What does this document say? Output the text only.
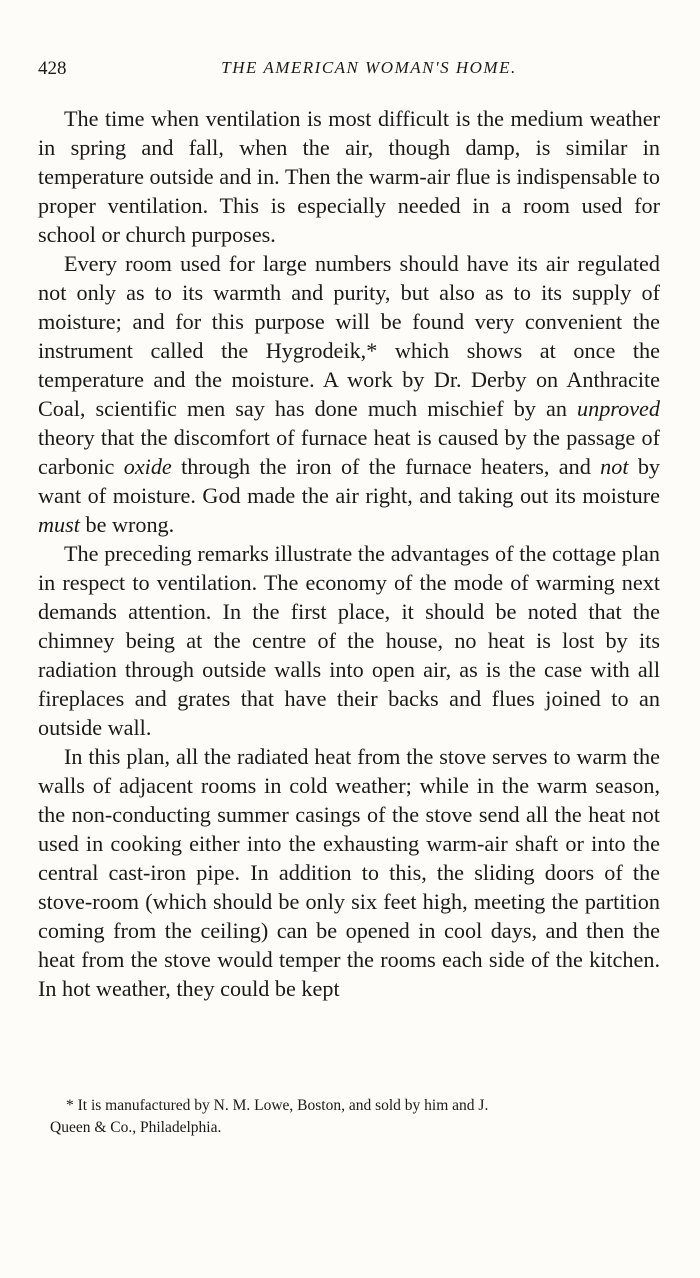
428	THE AMERICAN WOMAN'S HOME.

The time when ventilation is most difficult is the medium weather in spring and fall, when the air, though damp, is similar in temperature outside and in. Then the warm-air flue is indispensable to proper ventilation. This is especially needed in a room used for school or church purposes.

Every room used for large numbers should have its air regulated not only as to its warmth and purity, but also as to its supply of moisture; and for this purpose will be found very convenient the instrument called the Hygrodeik,* which shows at once the temperature and the moisture. A work by Dr. Derby on Anthracite Coal, scientific men say has done much mischief by an unproved theory that the discomfort of furnace heat is caused by the passage of carbonic oxide through the iron of the furnace heaters, and not by want of moisture. God made the air right, and taking out its moisture must be wrong.

The preceding remarks illustrate the advantages of the cottage plan in respect to ventilation. The economy of the mode of warming next demands attention. In the first place, it should be noted that the chimney being at the centre of the house, no heat is lost by its radiation through outside walls into open air, as is the case with all fireplaces and grates that have their backs and flues joined to an outside wall.

In this plan, all the radiated heat from the stove serves to warm the walls of adjacent rooms in cold weather; while in the warm season, the non-conducting summer casings of the stove send all the heat not used in cooking either into the exhausting warm-air shaft or into the central cast-iron pipe. In addition to this, the sliding doors of the stove-room (which should be only six feet high, meeting the partition coming from the ceiling) can be opened in cool days, and then the heat from the stove would temper the rooms each side of the kitchen. In hot weather, they could be kept

* It is manufactured by N. M. Lowe, Boston, and sold by him and J.
Queen & Co., Philadelphia.
